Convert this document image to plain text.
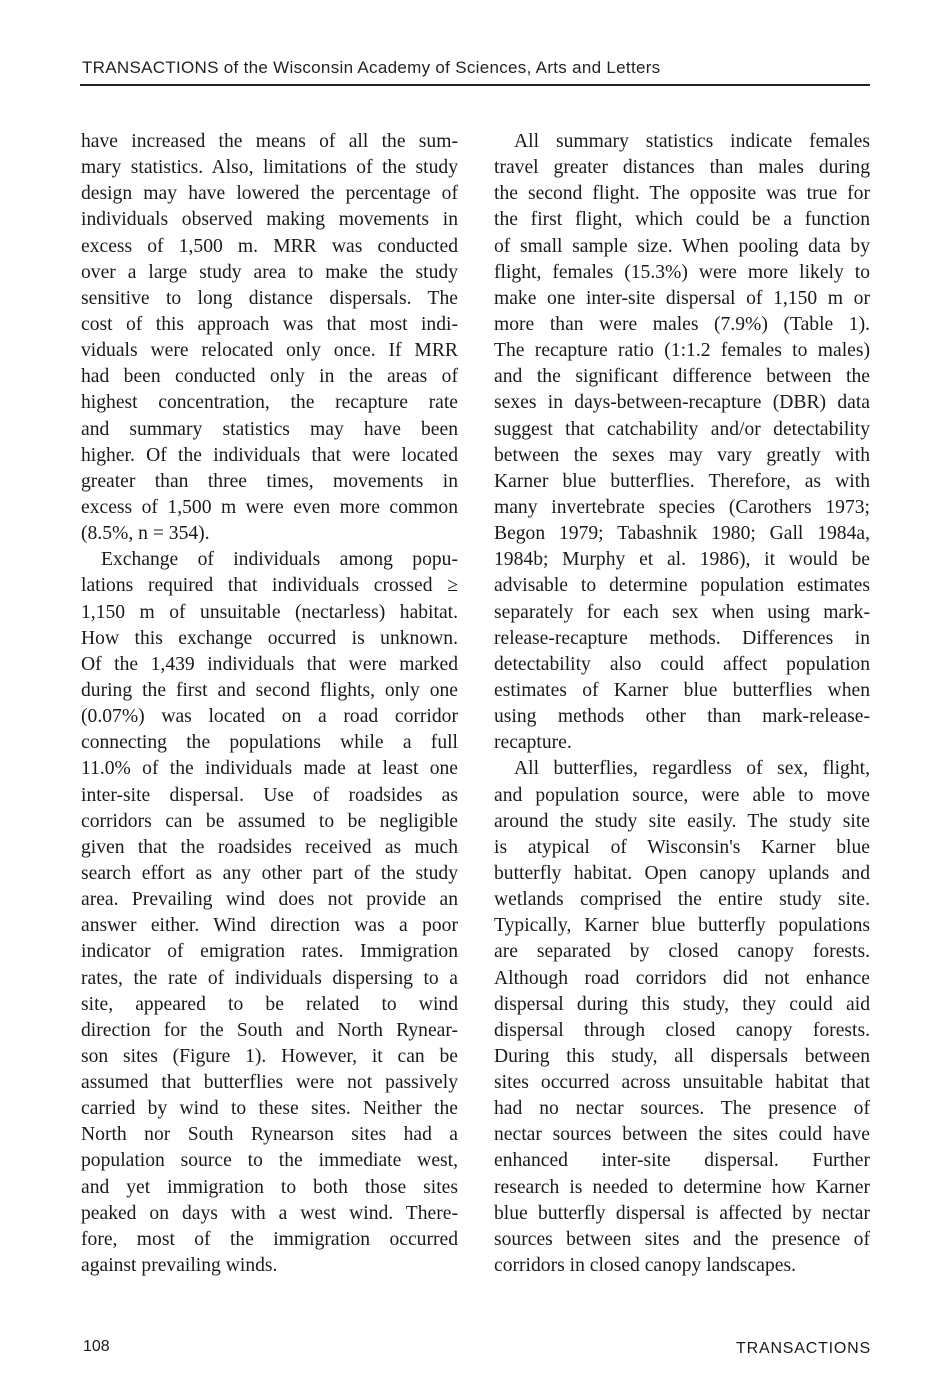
TRANSACTIONS of the Wisconsin Academy of Sciences, Arts and Letters
have increased the means of all the sum-
mary statistics. Also, limitations of the study
design may have lowered the percentage of
individuals observed making movements in
excess of 1,500 m. MRR was conducted
over a large study area to make the study
sensitive to long distance dispersals. The
cost of this approach was that most indi-
viduals were relocated only once. If MRR
had been conducted only in the areas of
highest concentration, the recapture rate
and summary statistics may have been
higher. Of the individuals that were located
greater than three times, movements in
excess of 1,500 m were even more common
(8.5%, n = 354).
Exchange of individuals among popu-
lations required that individuals crossed ≥
1,150 m of unsuitable (nectarless) habitat.
How this exchange occurred is unknown.
Of the 1,439 individuals that were marked
during the first and second flights, only one
(0.07%) was located on a road corridor
connecting the populations while a full
11.0% of the individuals made at least one
inter-site dispersal. Use of roadsides as
corridors can be assumed to be negligible
given that the roadsides received as much
search effort as any other part of the study
area. Prevailing wind does not provide an
answer either. Wind direction was a poor
indicator of emigration rates. Immigration
rates, the rate of individuals dispersing to a
site, appeared to be related to wind
direction for the South and North Rynear-
son sites (Figure 1). However, it can be
assumed that butterflies were not passively
carried by wind to these sites. Neither the
North nor South Rynearson sites had a
population source to the immediate west,
and yet immigration to both those sites
peaked on days with a west wind. There-
fore, most of the immigration occurred
against prevailing winds.
All summary statistics indicate females
travel greater distances than males during
the second flight. The opposite was true for
the first flight, which could be a function
of small sample size. When pooling data by
flight, females (15.3%) were more likely to
make one inter-site dispersal of 1,150 m or
more than were males (7.9%) (Table 1).
The recapture ratio (1:1.2 females to males)
and the significant difference between the
sexes in days-between-recapture (DBR) data
suggest that catchability and/or detectability
between the sexes may vary greatly with
Karner blue butterflies. Therefore, as with
many invertebrate species (Carothers 1973;
Begon 1979; Tabashnik 1980; Gall 1984a,
1984b; Murphy et al. 1986), it would be
advisable to determine population estimates
separately for each sex when using mark-
release-recapture methods. Differences in
detectability also could affect population
estimates of Karner blue butterflies when
using methods other than mark-release-
recapture.
All butterflies, regardless of sex, flight,
and population source, were able to move
around the study site easily. The study site
is atypical of Wisconsin's Karner blue
butterfly habitat. Open canopy uplands and
wetlands comprised the entire study site.
Typically, Karner blue butterfly populations
are separated by closed canopy forests.
Although road corridors did not enhance
dispersal during this study, they could aid
dispersal through closed canopy forests.
During this study, all dispersals between
sites occurred across unsuitable habitat that
had no nectar sources. The presence of
nectar sources between the sites could have
enhanced inter-site dispersal. Further
research is needed to determine how Karner
blue butterfly dispersal is affected by nectar
sources between sites and the presence of
corridors in closed canopy landscapes.
108	TRANSACTIONS
